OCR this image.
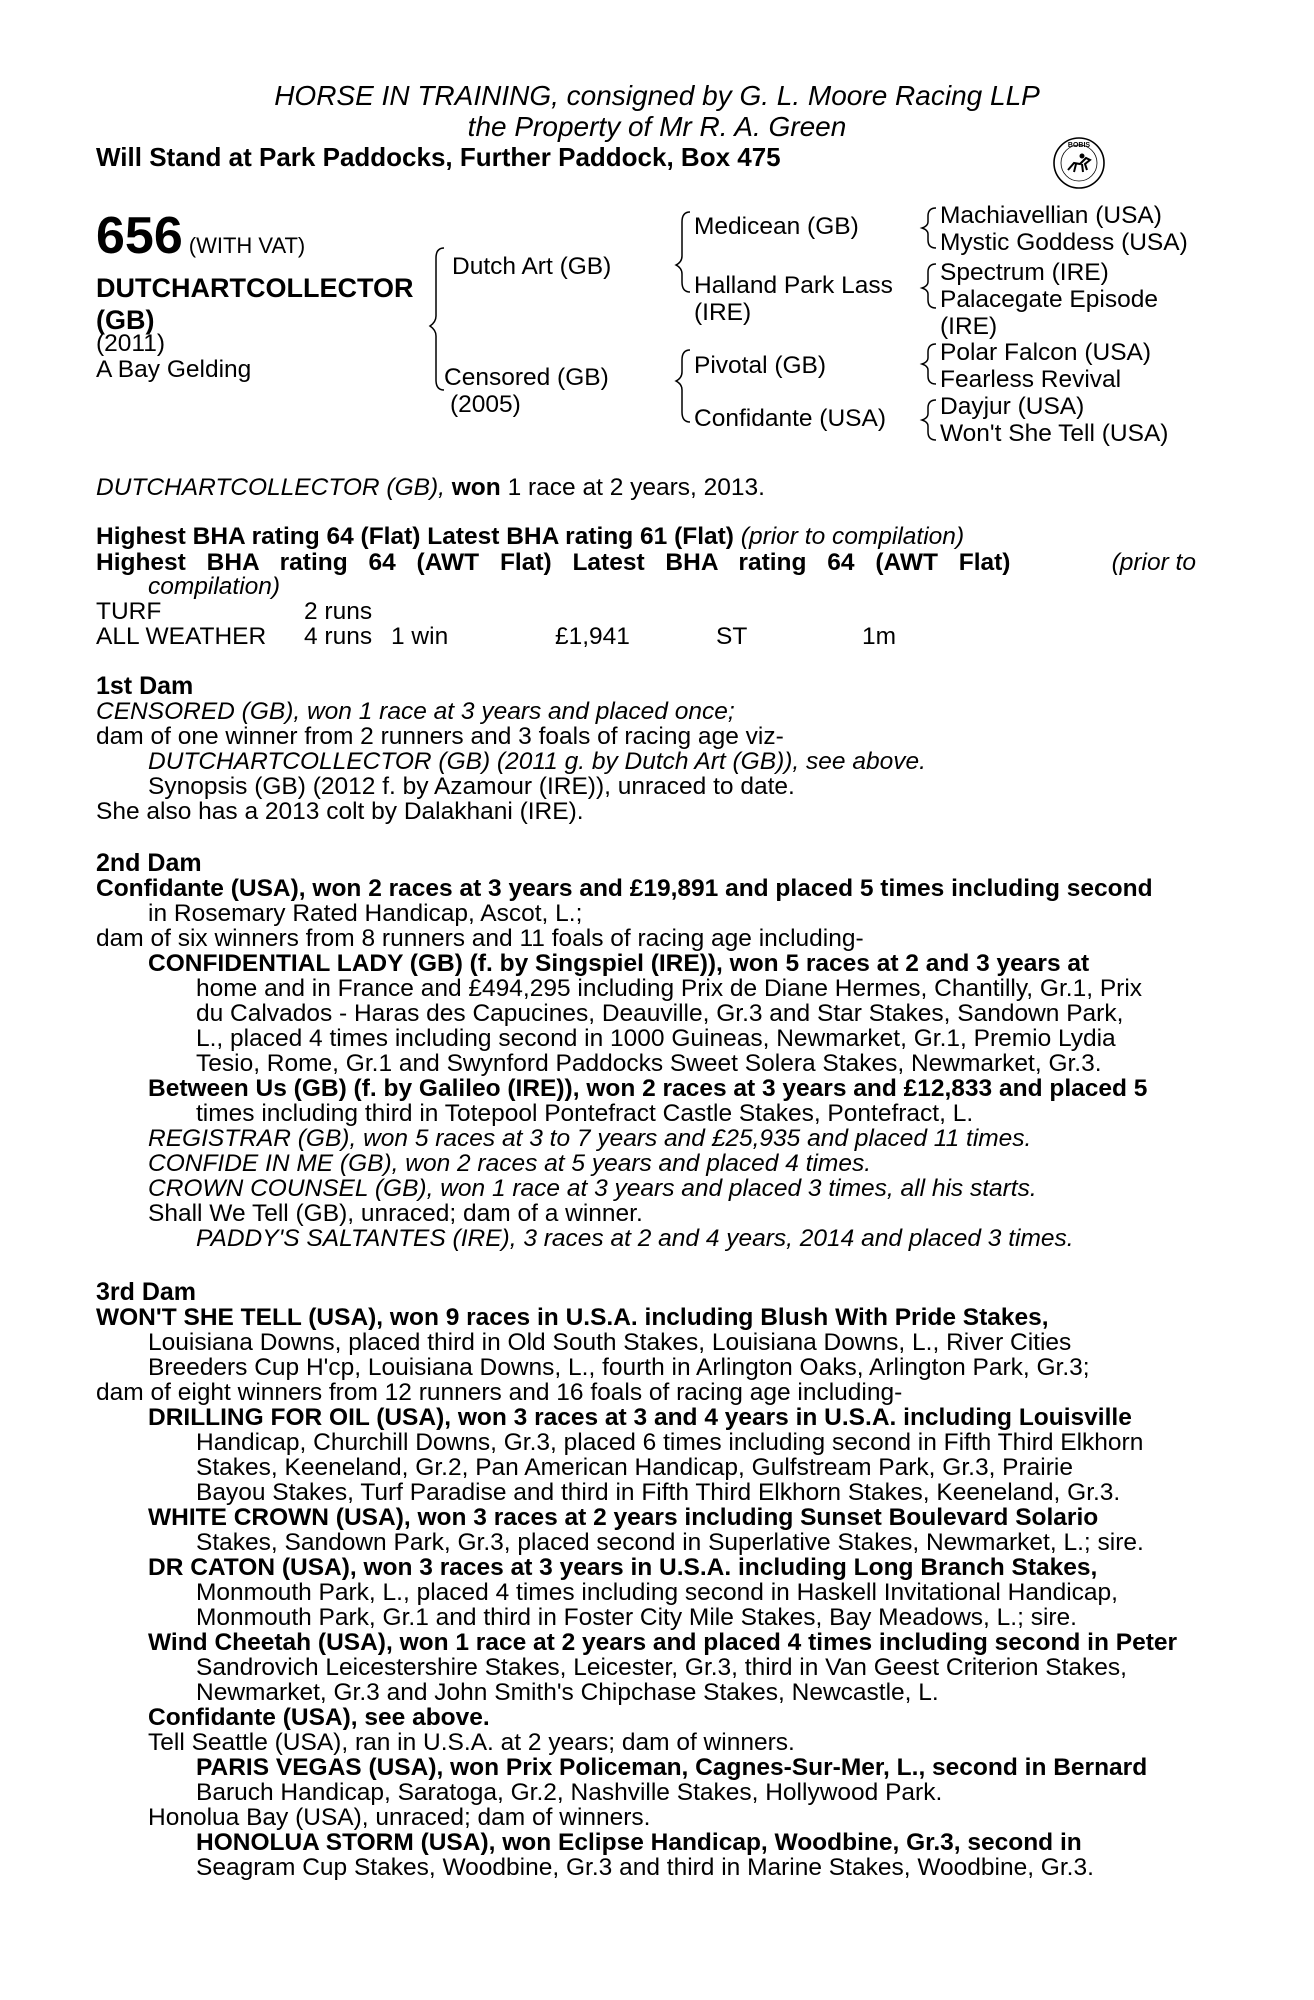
HORSE IN TRAINING, consigned by G. L. Moore Racing LLP
the Property of Mr R. A. Green
Will Stand at Park Paddocks, Further Paddock, Box 475	BOBIS
656 (WITH VAT)
DUTCHARTCOLLECTOR (GB)
(2011)
A Bay Gelding
Dutch Art (GB)
Censored (GB)
(2005)
Medicean (GB)
Halland Park Lass
(IRE)
Pivotal (GB)
Confidante (USA)
Machiavellian (USA)
Mystic Goddess (USA)
Spectrum (IRE)
Palacegate Episode
(IRE)
Polar Falcon (USA)
Fearless Revival
Dayjur (USA)
Won't She Tell (USA)
DUTCHARTCOLLECTOR (GB), won 1 race at 2 years, 2013.
Highest BHA rating 64 (Flat) Latest BHA rating 61 (Flat) (prior to compilation)
Highest BHA rating 64 (AWT Flat) Latest BHA rating 64 (AWT Flat)	(prior to
compilation)
TURF	2 runs
ALL WEATHER 4 runs 1 win	£1,941	ST	1m
1st Dam
CENSORED (GB), won 1 race at 3 years and placed once;
dam of one winner from 2 runners and 3 foals of racing age viz-
DUTCHARTCOLLECTOR (GB) (2011 g. by Dutch Art (GB)), see above.
Synopsis (GB) (2012 f. by Azamour (IRE)), unraced to date.
She also has a 2013 colt by Dalakhani (IRE).
2nd Dam
Confidante (USA), won 2 races at 3 years and £19,891 and placed 5 times including second
in Rosemary Rated Handicap, Ascot, L.;
dam of six winners from 8 runners and 11 foals of racing age including-
CONFIDENTIAL LADY (GB) (f. by Singspiel (IRE)), won 5 races at 2 and 3 years at
home and in France and £494,295 including Prix de Diane Hermes, Chantilly, Gr.1, Prix
du Calvados - Haras des Capucines, Deauville, Gr.3 and Star Stakes, Sandown Park,
L., placed 4 times including second in 1000 Guineas, Newmarket, Gr.1, Premio Lydia
Tesio, Rome, Gr.1 and Swynford Paddocks Sweet Solera Stakes, Newmarket, Gr.3.
Between Us (GB) (f. by Galileo (IRE)), won 2 races at 3 years and £12,833 and placed 5
times including third in Totepool Pontefract Castle Stakes, Pontefract, L.
REGISTRAR (GB), won 5 races at 3 to 7 years and £25,935 and placed 11 times.
CONFIDE IN ME (GB), won 2 races at 5 years and placed 4 times.
CROWN COUNSEL (GB), won 1 race at 3 years and placed 3 times, all his starts.
Shall We Tell (GB), unraced; dam of a winner.
PADDY'S SALTANTES (IRE), 3 races at 2 and 4 years, 2014 and placed 3 times.
3rd Dam
WON'T SHE TELL (USA), won 9 races in U.S.A. including Blush With Pride Stakes,
Louisiana Downs, placed third in Old South Stakes, Louisiana Downs, L., River Cities
Breeders Cup H'cp, Louisiana Downs, L., fourth in Arlington Oaks, Arlington Park, Gr.3;
dam of eight winners from 12 runners and 16 foals of racing age including-
DRILLING FOR OIL (USA), won 3 races at 3 and 4 years in U.S.A. including Louisville
Handicap, Churchill Downs, Gr.3, placed 6 times including second in Fifth Third Elkhorn
Stakes, Keeneland, Gr.2, Pan American Handicap, Gulfstream Park, Gr.3, Prairie
Bayou Stakes, Turf Paradise and third in Fifth Third Elkhorn Stakes, Keeneland, Gr.3.
WHITE CROWN (USA), won 3 races at 2 years including Sunset Boulevard Solario
Stakes, Sandown Park, Gr.3, placed second in Superlative Stakes, Newmarket, L.; sire.
DR CATON (USA), won 3 races at 3 years in U.S.A. including Long Branch Stakes,
Monmouth Park, L., placed 4 times including second in Haskell Invitational Handicap,
Monmouth Park, Gr.1 and third in Foster City Mile Stakes, Bay Meadows, L.; sire.
Wind Cheetah (USA), won 1 race at 2 years and placed 4 times including second in Peter
Sandrovich Leicestershire Stakes, Leicester, Gr.3, third in Van Geest Criterion Stakes,
Newmarket, Gr.3 and John Smith's Chipchase Stakes, Newcastle, L.
Confidante (USA), see above.
Tell Seattle (USA), ran in U.S.A. at 2 years; dam of winners.
PARIS VEGAS (USA), won Prix Policeman, Cagnes-Sur-Mer, L., second in Bernard
Baruch Handicap, Saratoga, Gr.2, Nashville Stakes, Hollywood Park.
Honolua Bay (USA), unraced; dam of winners.
HONOLUA STORM (USA), won Eclipse Handicap, Woodbine, Gr.3, second in
Seagram Cup Stakes, Woodbine, Gr.3 and third in Marine Stakes, Woodbine, Gr.3.
